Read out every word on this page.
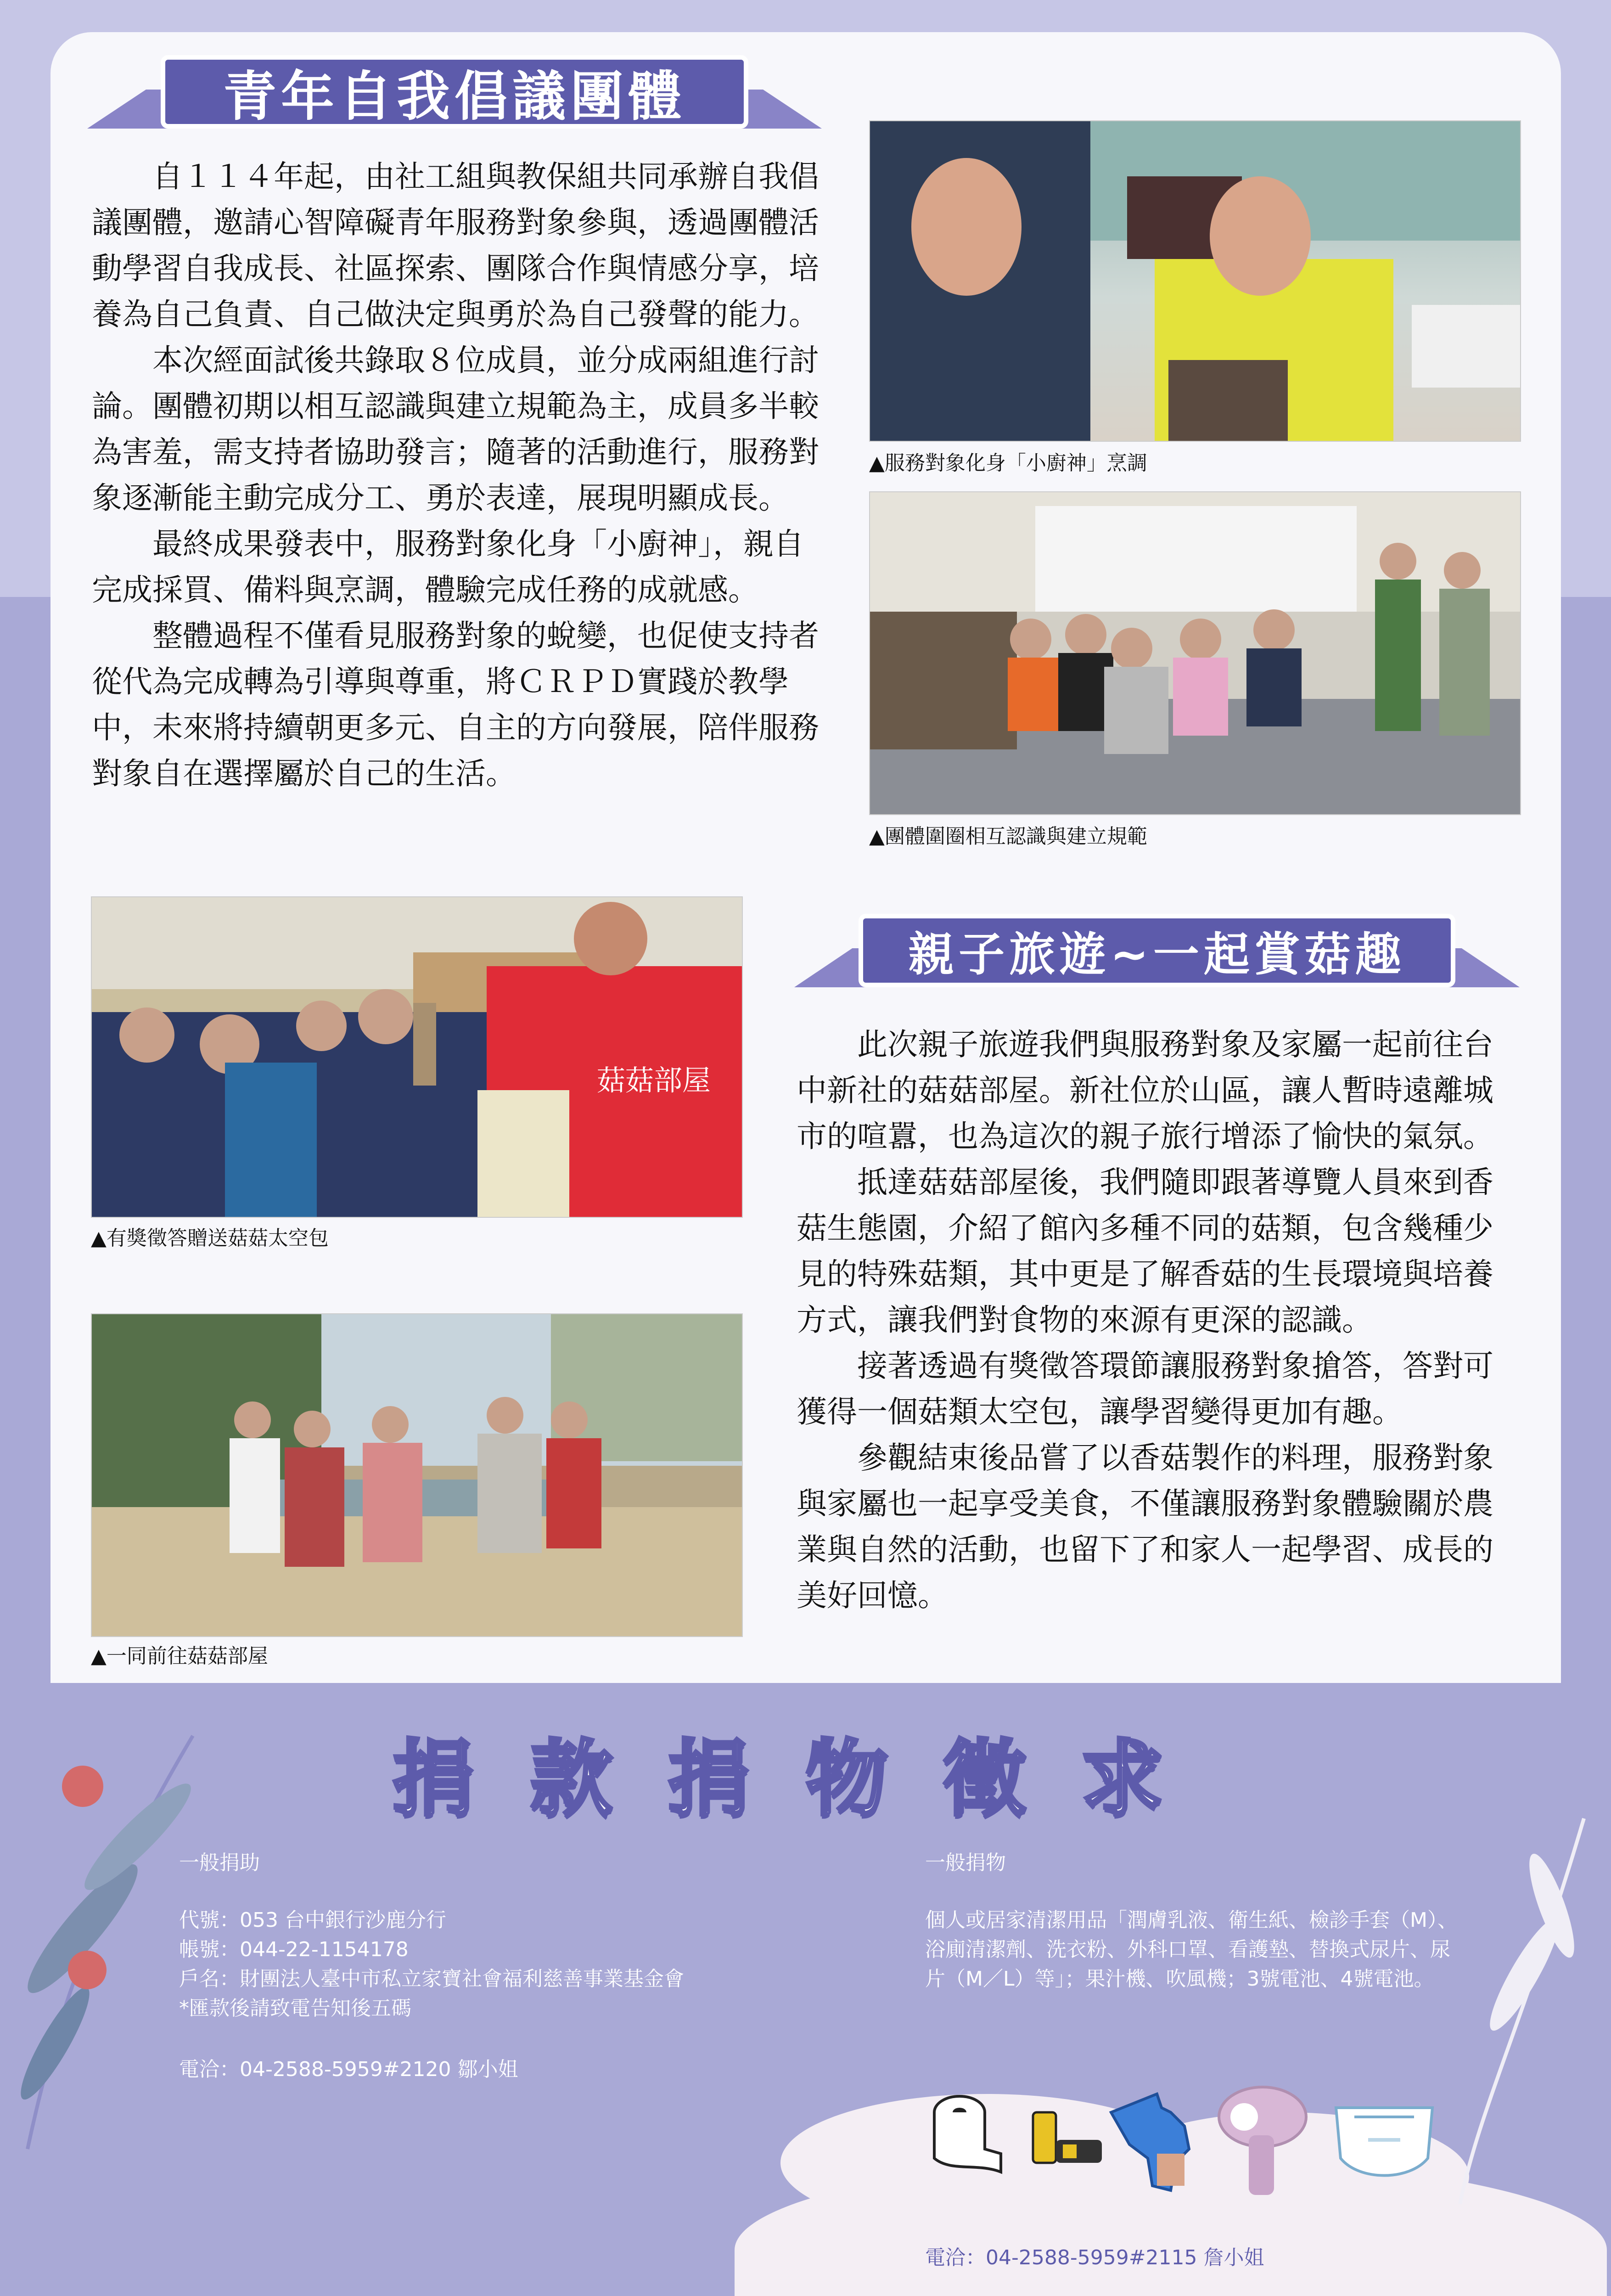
青年自我倡議團體

自１１４年起，由社工組與教保組共同承辦自我倡議團體，邀請心智障礙青年服務對象參與，透過團體活動學習自我成長、社區探索、團隊合作與情感分享，培養為自己負責、自己做決定與勇於為自己發聲的能力。

本次經面試後共錄取８位成員，並分成兩組進行討論。團體初期以相互認識與建立規範為主，成員多半較為害羞，需支持者協助發言；隨著的活動進行，服務對象逐漸能主動完成分工、勇於表達，展現明顯成長。

最終成果發表中，服務對象化身「小廚神」，親自完成採買、備料與烹調，體驗完成任務的成就感。

整體過程不僅看見服務對象的蛻變，也促使支持者從代為完成轉為引導與尊重，將ＣＲＰＤ實踐於教學中，未來將持續朝更多元、自主的方向發展，陪伴服務對象自在選擇屬於自己的生活。

▲服務對象化身「小廚神」烹調
▲團體圍圈相互認識與建立規範
菇菇部屋
▲有獎徵答贈送菇菇太空包
▲一同前往菇菇部屋
親子旅遊~一起賞菇趣

此次親子旅遊我們與服務對象及家屬一起前往台中新社的菇菇部屋。新社位於山區，讓人暫時遠離城市的喧囂，也為這次的親子旅行增添了愉快的氣氛。

抵達菇菇部屋後，我們隨即跟著導覽人員來到香菇生態園，介紹了館內多種不同的菇類，包含幾種少見的特殊菇類，其中更是了解香菇的生長環境與培養方式，讓我們對食物的來源有更深的認識。

接著透過有獎徵答環節讓服務對象搶答，答對可獲得一個菇類太空包，讓學習變得更加有趣。

參觀結束後品嘗了以香菇製作的料理，服務對象與家屬也一起享受美食，不僅讓服務對象體驗關於農業與自然的活動，也留下了和家人一起學習、成長的美好回憶。

捐款捐物徵求
一般捐助
代號：053 台中銀行沙鹿分行
帳號：044-22-1154178
戶名：財團法人臺中市私立家寶社會福利慈善事業基金會
*匯款後請致電告知後五碼
電洽：04-2588-5959#2120 鄒小姐
一般捐物
個人或居家清潔用品「潤膚乳液、衛生紙、檢診手套（M）、浴廁清潔劑、洗衣粉、外科口罩、看護墊、替換式尿片、尿片（M／L）等」；果汁機、吹風機；3號電池、4號電池。
電洽：04-2588-5959#2115 詹小姐
